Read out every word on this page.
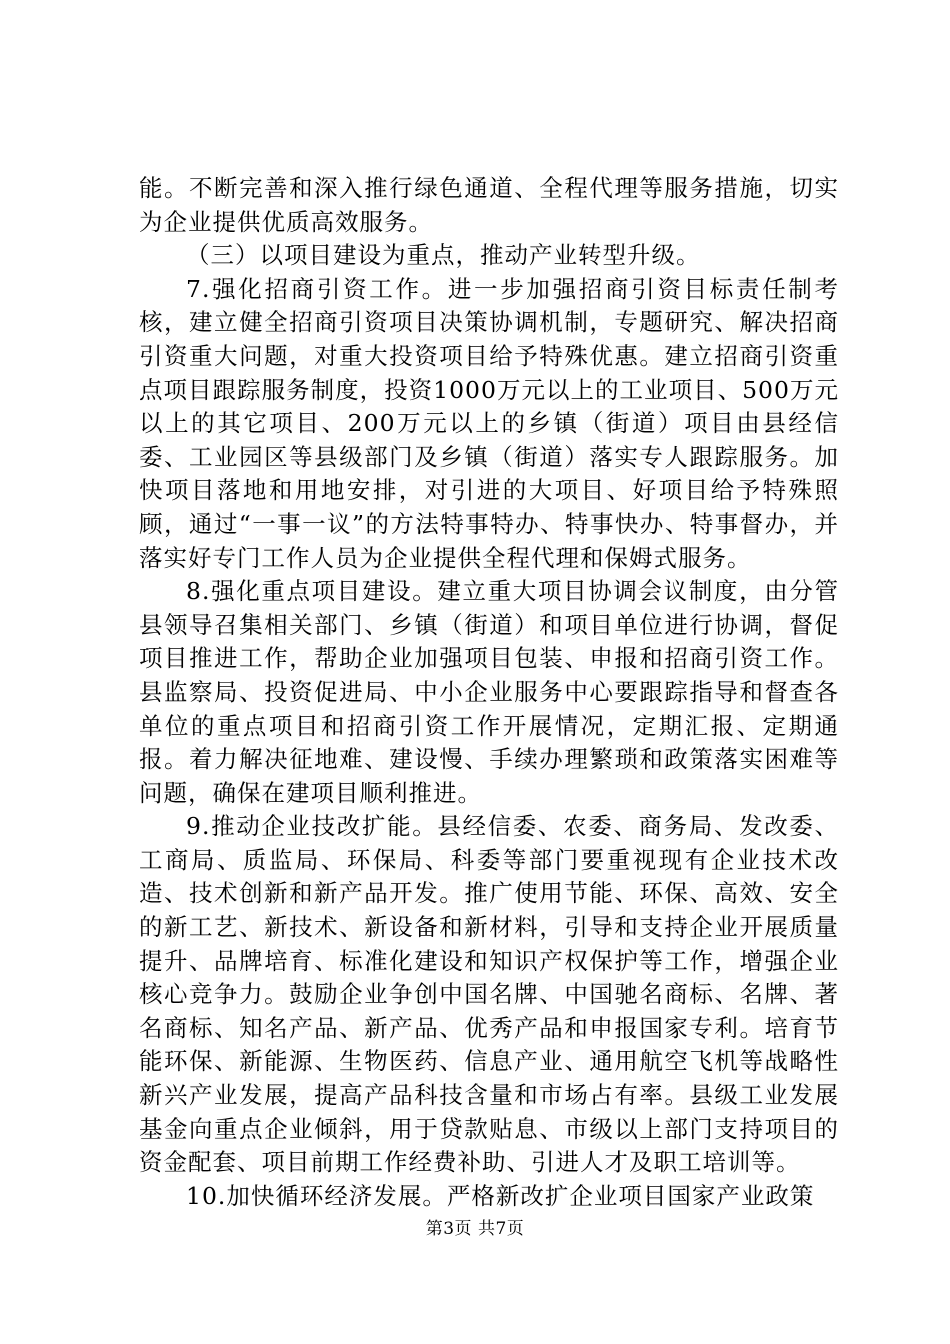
能。不断完善和深入推行绿色通道、全程代理等服务措施，切实为企业提供优质高效服务。

（三）以项目建设为重点，推动产业转型升级。

7.强化招商引资工作。进一步加强招商引资目标责任制考核，建立健全招商引资项目决策协调机制，专题研究、解决招商引资重大问题，对重大投资项目给予特殊优惠。建立招商引资重点项目跟踪服务制度，投资1000万元以上的工业项目、500万元以上的其它项目、200万元以上的乡镇（街道）项目由县经信委、工业园区等县级部门及乡镇（街道）落实专人跟踪服务。加快项目落地和用地安排，对引进的大项目、好项目给予特殊照顾，通过“一事一议”的方法特事特办、特事快办、特事督办，并落实好专门工作人员为企业提供全程代理和保姆式服务。

8.强化重点项目建设。建立重大项目协调会议制度，由分管县领导召集相关部门、乡镇（街道）和项目单位进行协调，督促项目推进工作，帮助企业加强项目包装、申报和招商引资工作。县监察局、投资促进局、中小企业服务中心要跟踪指导和督查各单位的重点项目和招商引资工作开展情况，定期汇报、定期通报。着力解决征地难、建设慢、手续办理繁琐和政策落实困难等问题，确保在建项目顺利推进。

9.推动企业技改扩能。县经信委、农委、商务局、发改委、工商局、质监局、环保局、科委等部门要重视现有企业技术改造、技术创新和新产品开发。推广使用节能、环保、高效、安全的新工艺、新技术、新设备和新材料，引导和支持企业开展质量提升、品牌培育、标准化建设和知识产权保护等工作，增强企业核心竞争力。鼓励企业争创中国名牌、中国驰名商标、名牌、著名商标、知名产品、新产品、优秀产品和申报国家专利。培育节能环保、新能源、生物医药、信息产业、通用航空飞机等战略性新兴产业发展，提高产品科技含量和市场占有率。县级工业发展基金向重点企业倾斜，用于贷款贴息、市级以上部门支持项目的资金配套、项目前期工作经费补助、引进人才及职工培训等。

10.加快循环经济发展。严格新改扩企业项目国家产业政策

第3页 共7页
